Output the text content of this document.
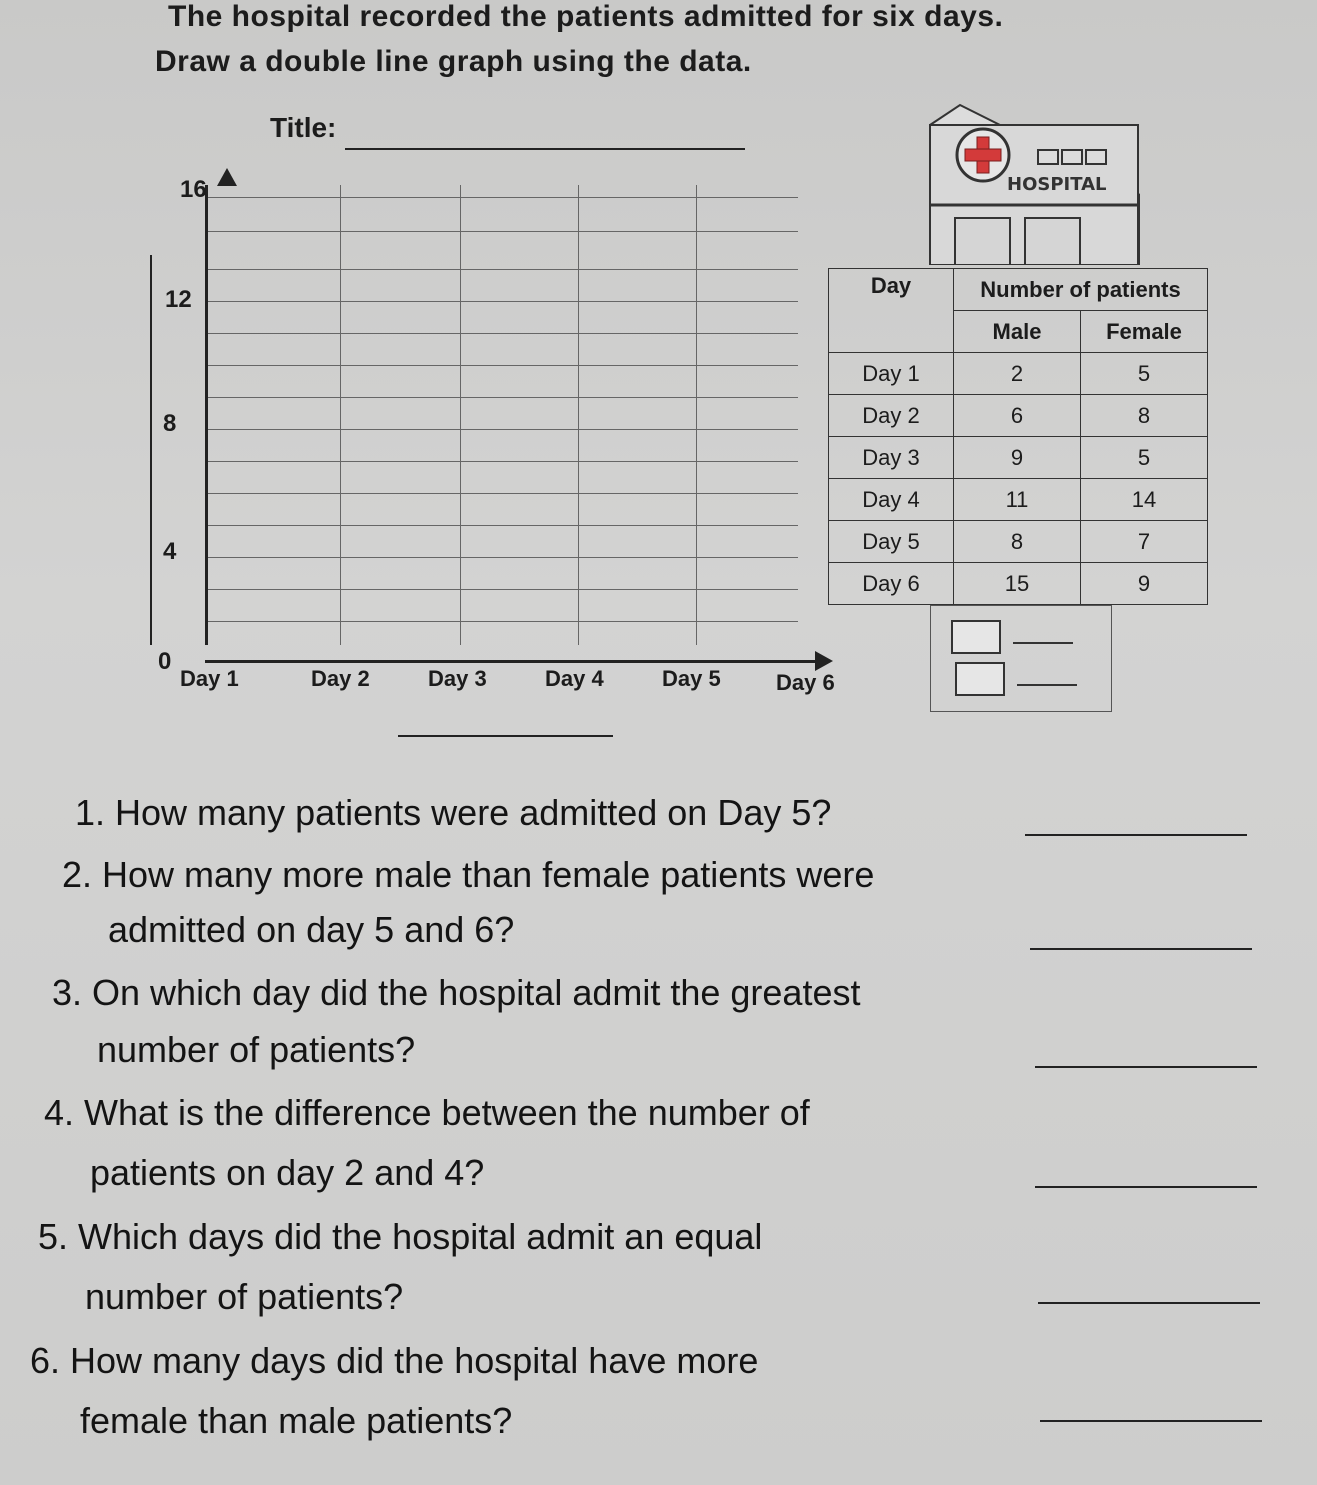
The hospital recorded the patients admitted for six days.
Draw a double line graph using the data.
Title:
16
12
8
4
0
Day 1	Day 2	Day 3	Day 4	Day 5	Day 6
HOSPITAL
Day	Number of patients	
	Male	Female
Day 1	2	5
Day 2	6	8
Day 3	9	5
Day 4	11	14
Day 5	8	7
Day 6	15	9
1. How many patients were admitted on Day 5?
2. How many more male than female patients were
admitted on day 5 and 6?
3. On which day did the hospital admit the greatest
number of patients?
4. What is the difference between the number of
patients on day 2 and 4?
5. Which days did the hospital admit an equal
number of patients?
6. How many days did the hospital have more
female than male patients?
